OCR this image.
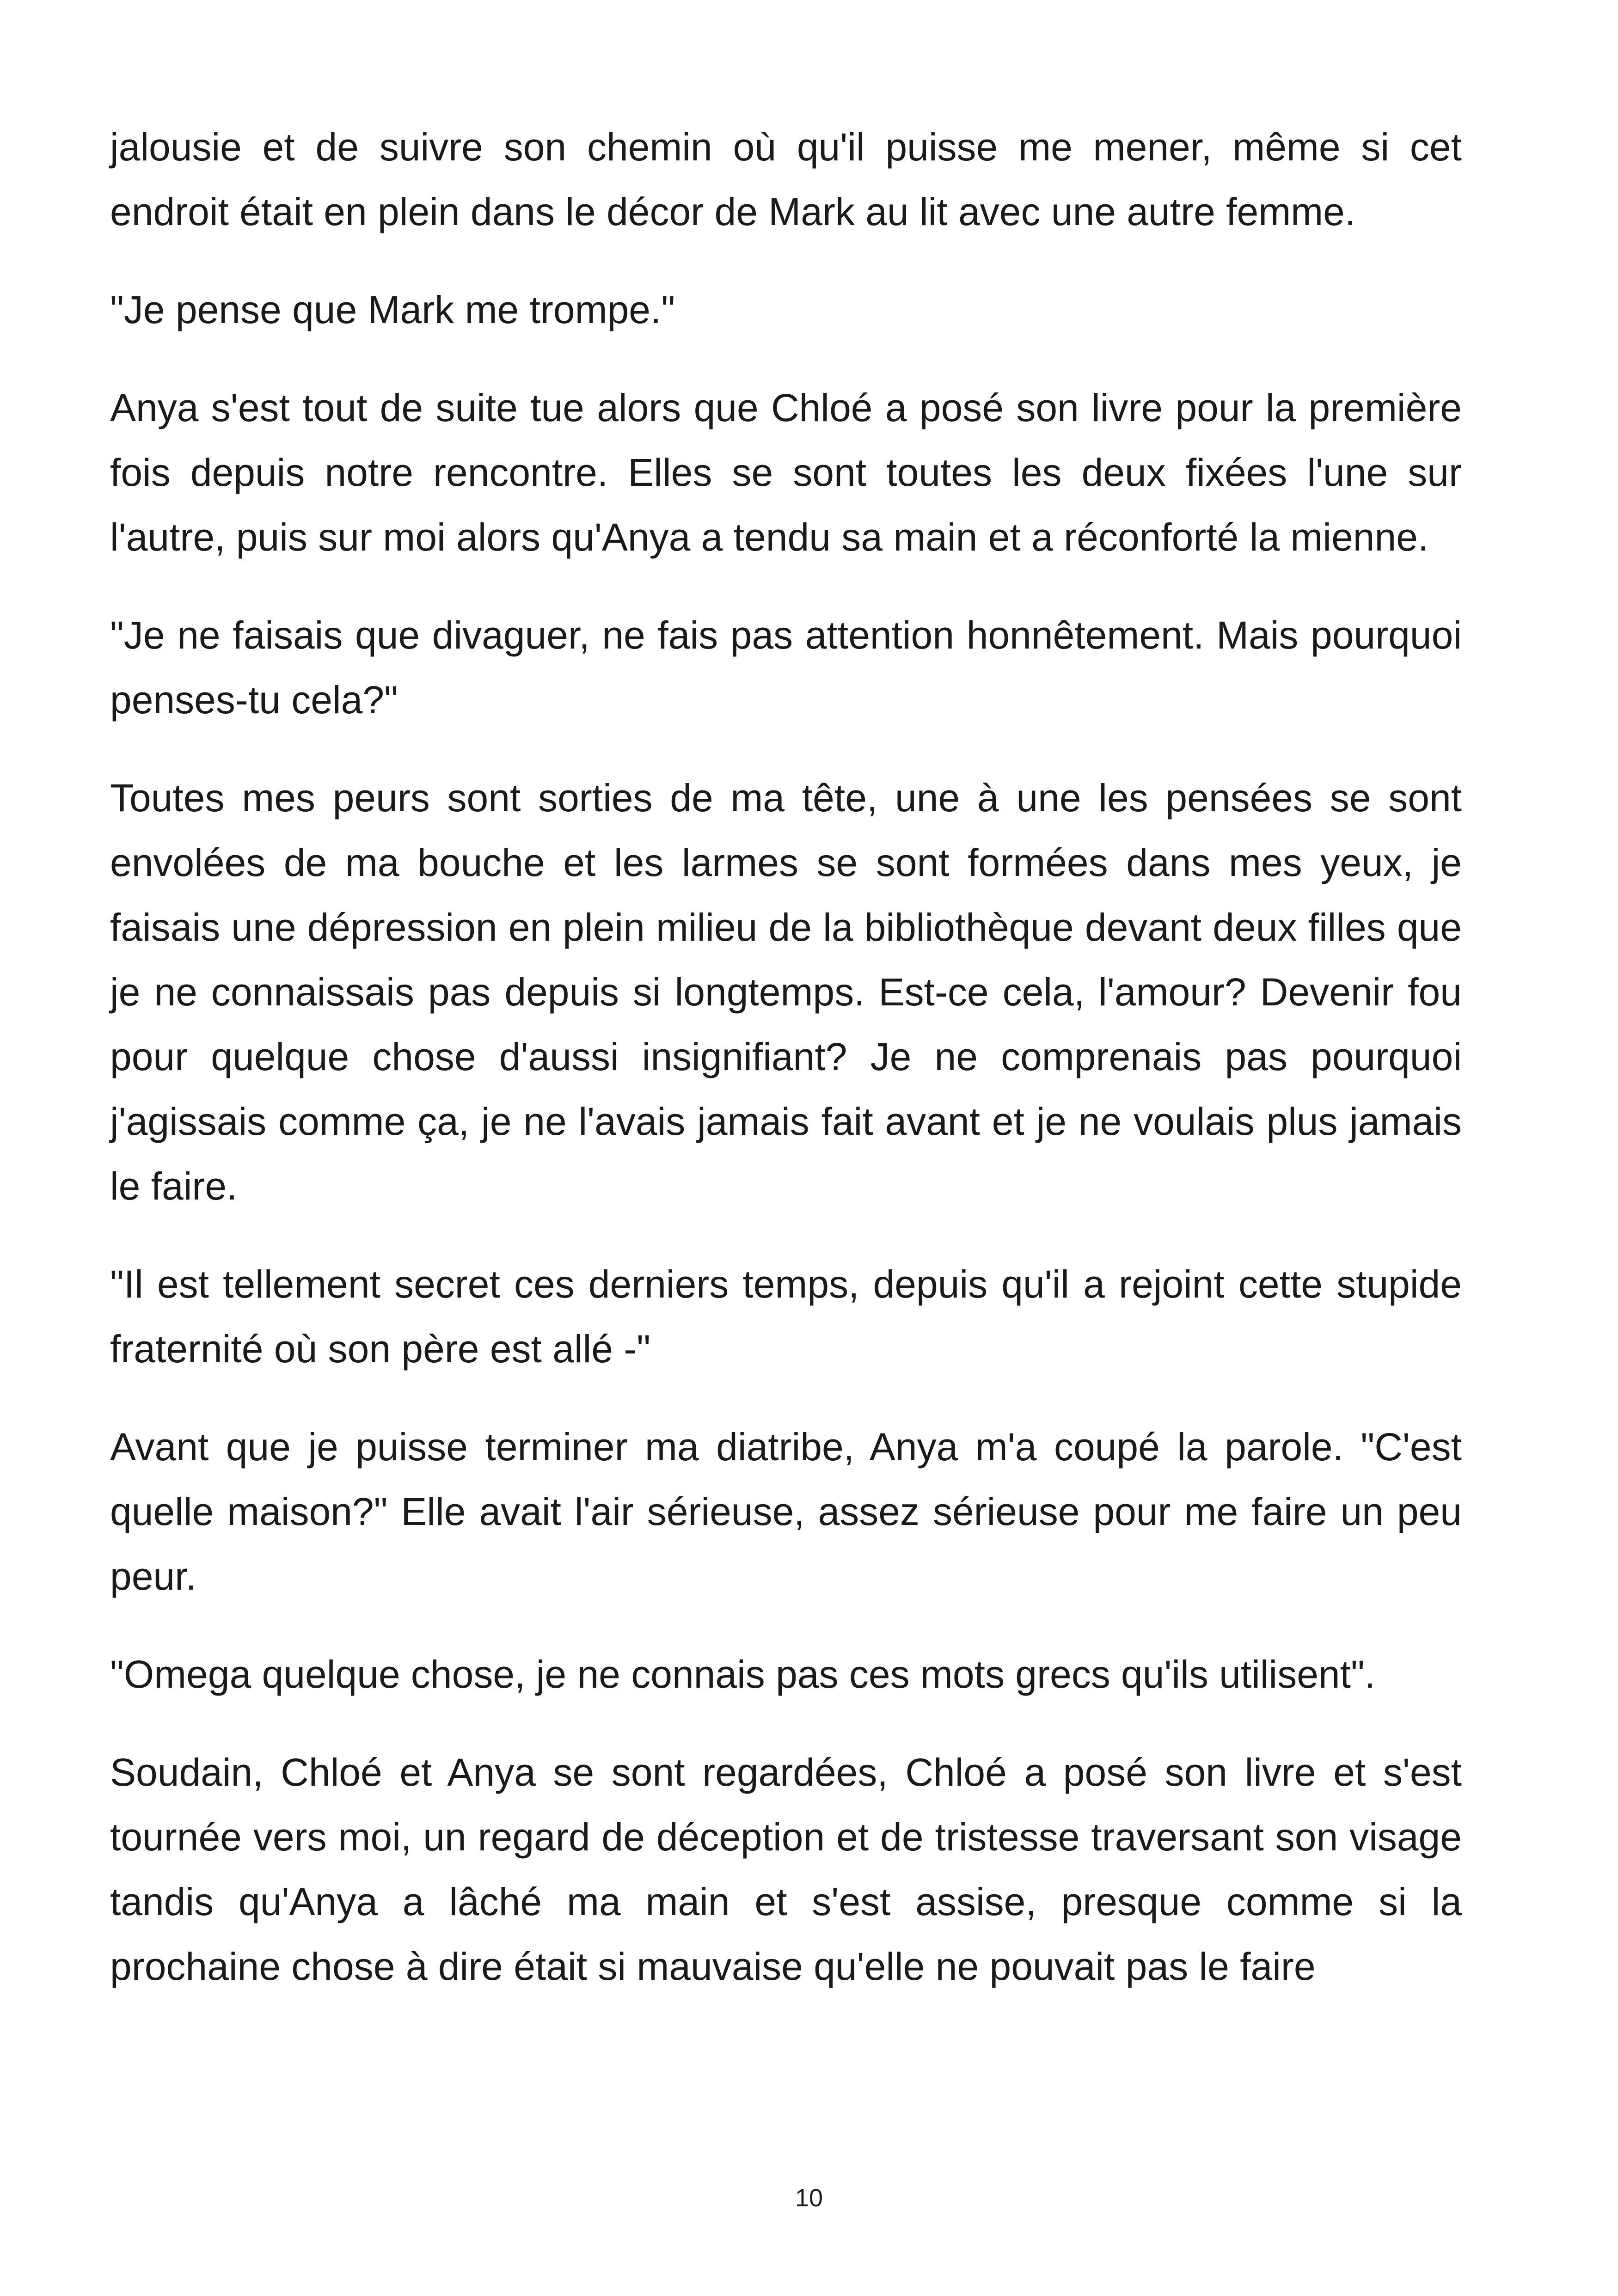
jalousie et de suivre son chemin où qu'il puisse me mener, même si cet endroit était en plein dans le décor de Mark au lit avec une autre femme.

"Je pense que Mark me trompe."

Anya s'est tout de suite tue alors que Chloé a posé son livre pour la première fois depuis notre rencontre. Elles se sont toutes les deux fixées l'une sur l'autre, puis sur moi alors qu'Anya a tendu sa main et a réconforté la mienne.

"Je ne faisais que divaguer, ne fais pas attention honnêtement. Mais pourquoi penses-tu cela?"

Toutes mes peurs sont sorties de ma tête, une à une les pensées se sont envolées de ma bouche et les larmes se sont formées dans mes yeux, je faisais une dépression en plein milieu de la bibliothèque devant deux filles que je ne connaissais pas depuis si longtemps. Est-ce cela, l'amour? Devenir fou pour quelque chose d'aussi insignifiant? Je ne comprenais pas pourquoi j'agissais comme ça, je ne l'avais jamais fait avant et je ne voulais plus jamais le faire.

"Il est tellement secret ces derniers temps, depuis qu'il a rejoint cette stupide fraternité où son père est allé -"

Avant que je puisse terminer ma diatribe, Anya m'a coupé la parole. "C'est quelle maison?" Elle avait l'air sérieuse, assez sérieuse pour me faire un peu peur.

"Omega quelque chose, je ne connais pas ces mots grecs qu'ils utilisent".

Soudain, Chloé et Anya se sont regardées, Chloé a posé son livre et s'est tournée vers moi, un regard de déception et de tristesse traversant son visage tandis qu'Anya a lâché ma main et s'est assise, presque comme si la prochaine chose à dire était si mauvaise qu'elle ne pouvait pas le faire

10
